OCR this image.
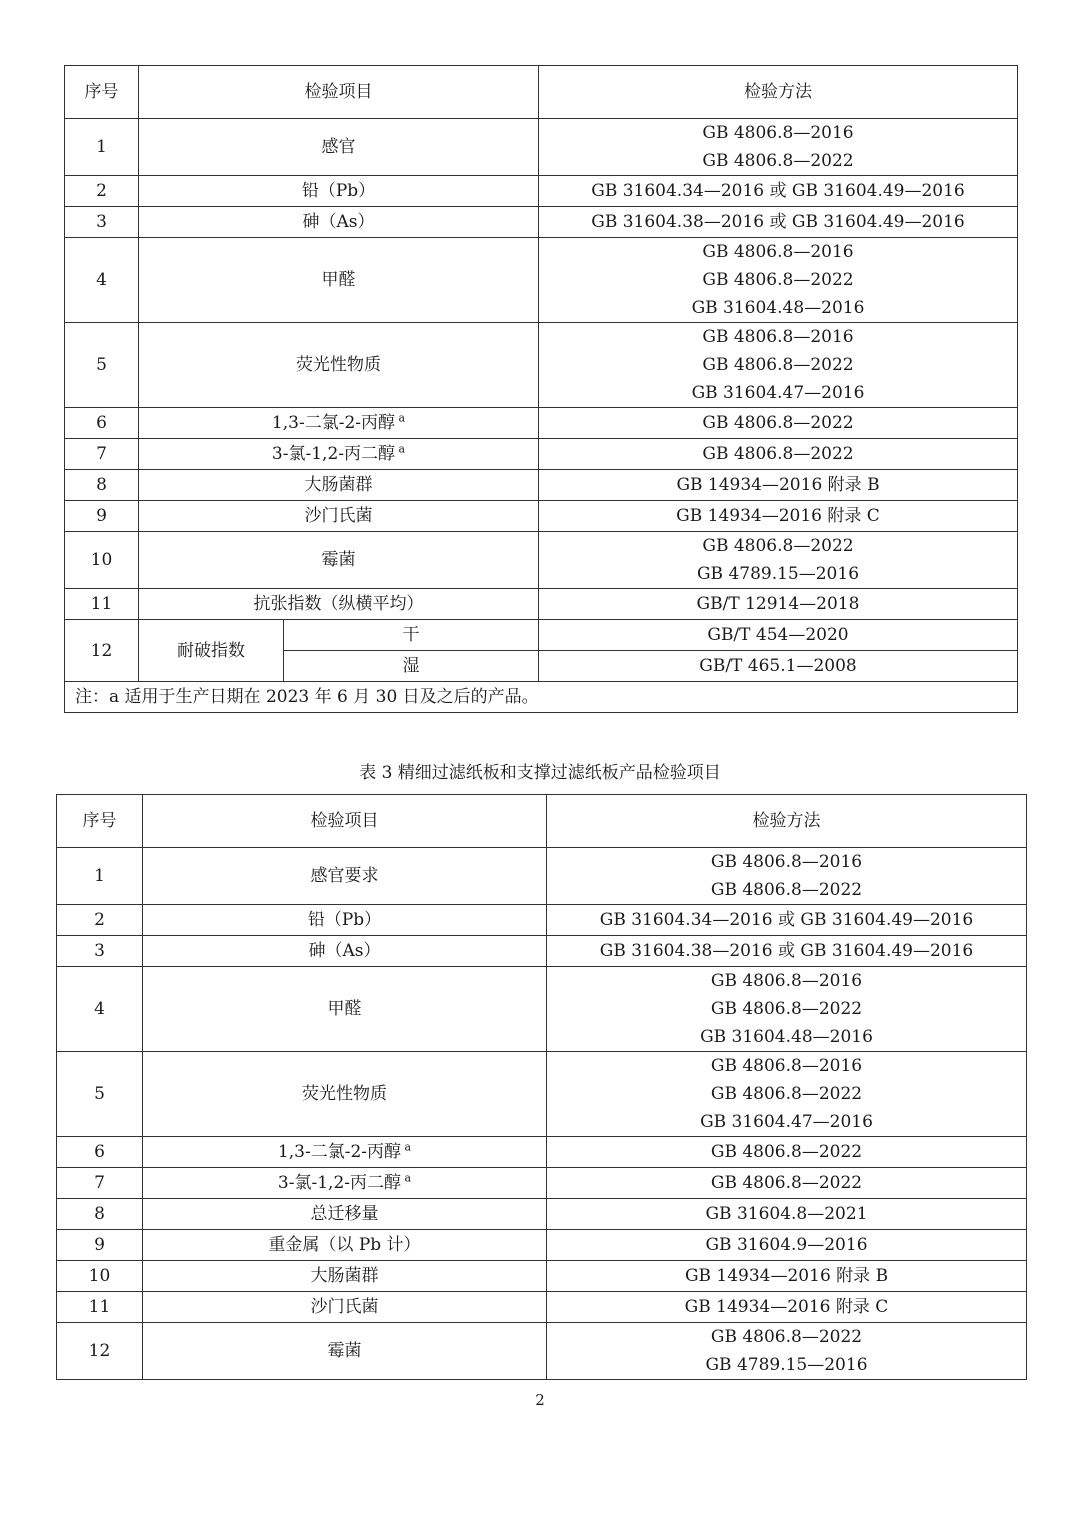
序号	检验项目		检验方法
1	感官		GB 4806.8—2016
GB 4806.8—2022

2	铅（Pb）		GB 31604.34—2016 或 GB 31604.49—2016

3	砷（As）		GB 31604.38—2016 或 GB 31604.49—2016

4	甲醛		GB 4806.8—2016
GB 4806.8—2022
GB 31604.48—2016

5	荧光性物质		GB 4806.8—2016
GB 4806.8—2022
GB 31604.47—2016

6	1,3-二氯-2-丙醇 $^a$		GB 4806.8—2022

7	3-氯-1,2-丙二醇 $^a$		GB 4806.8—2022

8	大肠菌群		GB 14934—2016 附录 B

9	沙门氏菌		GB 14934—2016 附录 C

10	霉菌		GB 4806.8—2022
GB 4789.15—2016

11	抗张指数（纵横平均）		GB/T 12914—2018

12	耐破指数	干	GB/T 454—2020

		湿	GB/T 465.1—2008

注：a 适用于生产日期在 2023 年 6 月 30 日及之后的产品。			
表 3 精细过滤纸板和支撑过滤纸板产品检验项目
序号	检验项目	检验方法
1	感官要求	GB 4806.8—2016
GB 4806.8—2022

2	铅（Pb）	GB 31604.34—2016 或 GB 31604.49—2016

3	砷（As）	GB 31604.38—2016 或 GB 31604.49—2016

4	甲醛	GB 4806.8—2016
GB 4806.8—2022
GB 31604.48—2016

5	荧光性物质	GB 4806.8—2016
GB 4806.8—2022
GB 31604.47—2016

6	1,3-二氯-2-丙醇 $^a$	GB 4806.8—2022

7	3-氯-1,2-丙二醇 $^a$	GB 4806.8—2022

8	总迁移量	GB 31604.8—2021

9	重金属（以 Pb 计）	GB 31604.9—2016

10	大肠菌群	GB 14934—2016 附录 B

11	沙门氏菌	GB 14934—2016 附录 C

12	霉菌	GB 4806.8—2022
GB 4789.15—2016
2
